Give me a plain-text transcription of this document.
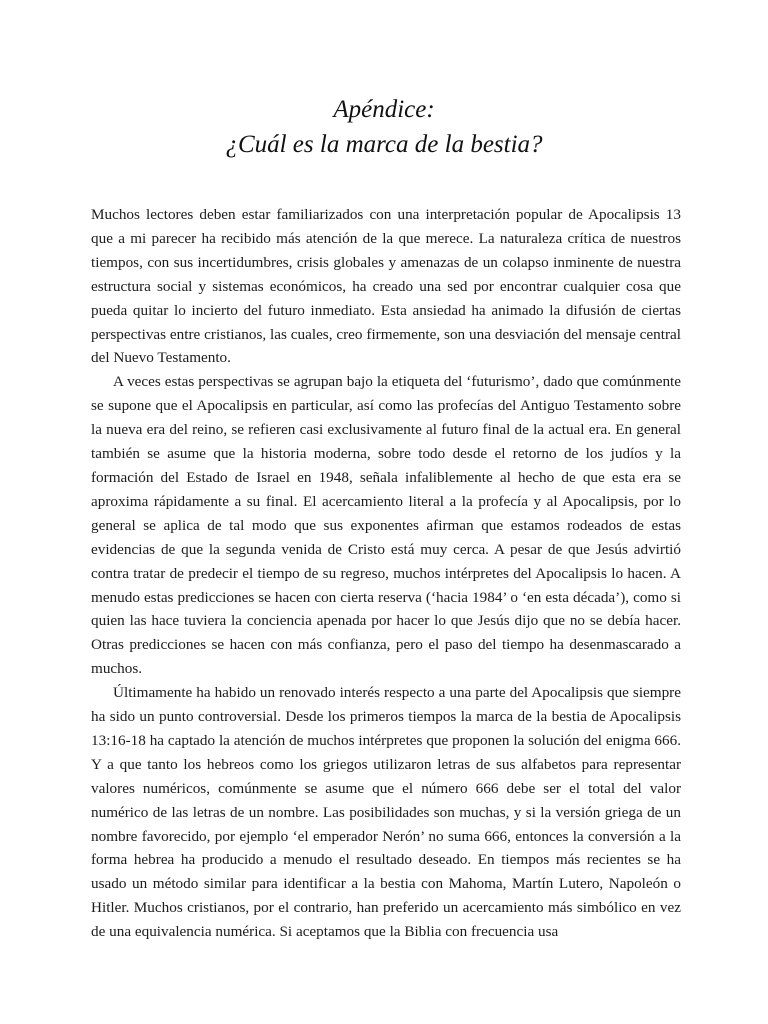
Apéndice:
¿Cuál es la marca de la bestia?

Muchos lectores deben estar familiarizados con una interpretación popular de Apocalipsis 13 que a mi parecer ha recibido más atención de la que merece. La naturaleza crítica de nuestros tiempos, con sus incertidumbres, crisis globales y amenazas de un colapso inminente de nuestra estructura social y sistemas económicos, ha creado una sed por encontrar cualquier cosa que pueda quitar lo incierto del futuro inmediato. Esta ansiedad ha animado la difusión de ciertas perspectivas entre cristianos, las cuales, creo firmemente, son una desviación del mensaje central del Nuevo Testamento.

A veces estas perspectivas se agrupan bajo la etiqueta del ‘futurismo’, dado que comúnmente se supone que el Apocalipsis en particular, así como las profecías del Antiguo Testamento sobre la nueva era del reino, se refieren casi exclusivamente al futuro final de la actual era. En general también se asume que la historia moderna, sobre todo desde el retorno de los judíos y la formación del Estado de Israel en 1948, señala infaliblemente al hecho de que esta era se aproxima rápidamente a su final. El acercamiento literal a la profecía y al Apocalipsis, por lo general se aplica de tal modo que sus exponentes afirman que estamos rodeados de estas evidencias de que la segunda venida de Cristo está muy cerca. A pesar de que Jesús advirtió contra tratar de predecir el tiempo de su regreso, muchos intérpretes del Apocalipsis lo hacen. A menudo estas predicciones se hacen con cierta reserva (‘hacia 1984’ o ‘en esta década’), como si quien las hace tuviera la conciencia apenada por hacer lo que Jesús dijo que no se debía hacer. Otras predicciones se hacen con más confianza, pero el paso del tiempo ha desenmascarado a muchos.

Últimamente ha habido un renovado interés respecto a una parte del Apocalipsis que siempre ha sido un punto controversial. Desde los primeros tiempos la marca de la bestia de Apocalipsis 13:16-18 ha captado la atención de muchos intérpretes que proponen la solución del enigma 666. Y a que tanto los hebreos como los griegos utilizaron letras de sus alfabetos para representar valores numéricos, comúnmente se asume que el número 666 debe ser el total del valor numérico de las letras de un nombre. Las posibilidades son muchas, y si la versión griega de un nombre favorecido, por ejemplo ‘el emperador Nerón’ no suma 666, entonces la conversión a la forma hebrea ha producido a menudo el resultado deseado. En tiempos más recientes se ha usado un método similar para identificar a la bestia con Mahoma, Martín Lutero, Napoleón o Hitler. Muchos cristianos, por el contrario, han preferido un acercamiento más simbólico en vez de una equivalencia numérica. Si aceptamos que la Biblia con frecuencia usa
